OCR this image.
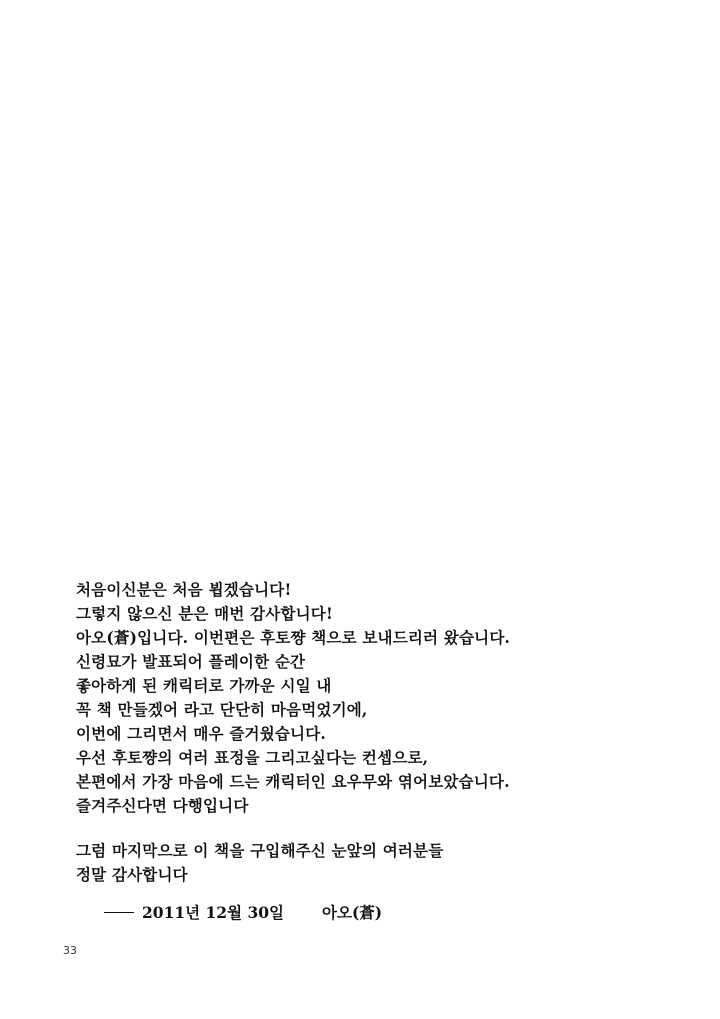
처음이신분은 처음 뵙겠습니다!
그렇지 않으신 분은 매번 감사합니다!
아오(蒼)입니다. 이번편은 후토쨩 책으로 보내드리러 왔습니다.
신령묘가 발표되어 플레이한 순간
좋아하게 된 캐릭터로 가까운 시일 내
꼭 책 만들겠어 라고 단단히 마음먹었기에,
이번에 그리면서 매우 즐거웠습니다.
우선 후토쨩의 여러 표정을 그리고싶다는 컨셉으로,
본편에서 가장 마음에 드는 캐릭터인 요우무와 엮어보았습니다.
즐겨주신다면 다행입니다
그럼 마지막으로 이 책을 구입해주신 눈앞의 여러분들
정말 감사합니다
2011년 12월 30일 아오(蒼)
33
